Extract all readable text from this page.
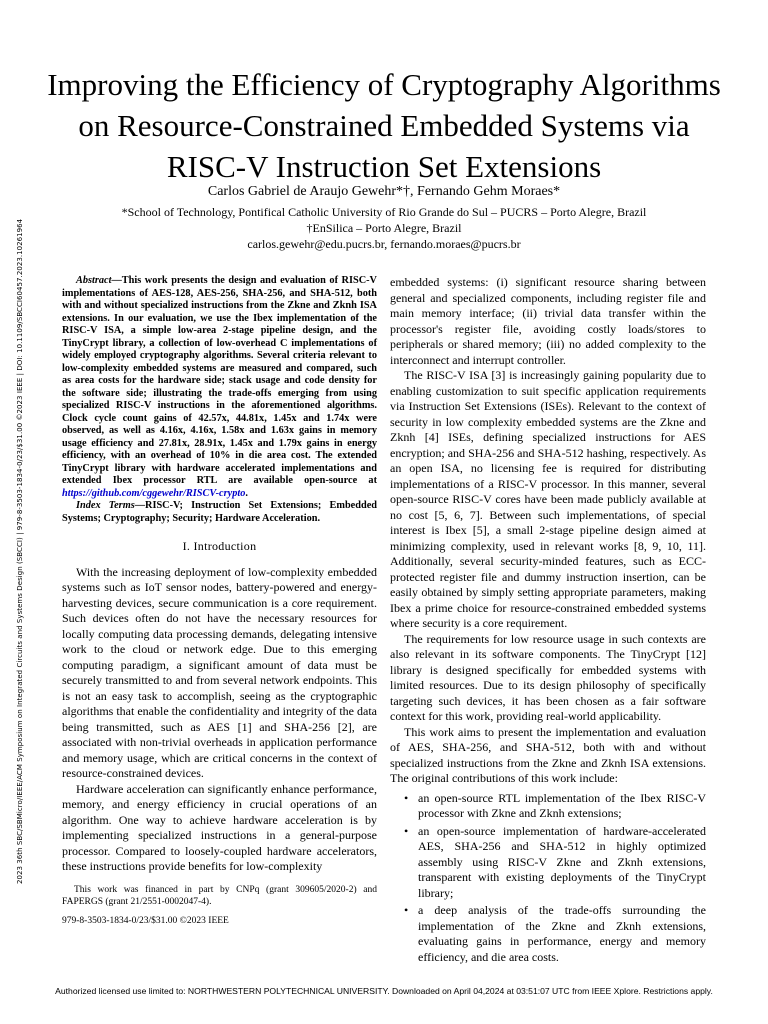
2023 36th SBC/SBMicro/IEEE/ACM Symposium on Integrated Circuits and Systems Design (SBCCI) | 979-8-3503-1834-0/23/$31.00 ©2023 IEEE | DOI: 10.1109/SBCCI60457.2023.10261964
Improving the Efficiency of Cryptography Algorithms on Resource-Constrained Embedded Systems via RISC-V Instruction Set Extensions
Carlos Gabriel de Araujo Gewehr*†, Fernando Gehm Moraes*
*School of Technology, Pontifical Catholic University of Rio Grande do Sul – PUCRS – Porto Alegre, Brazil
†EnSilica – Porto Alegre, Brazil
carlos.gewehr@edu.pucrs.br, fernando.moraes@pucrs.br

Abstract—This work presents the design and evaluation of RISC-V implementations of AES-128, AES-256, SHA-256, and SHA-512, both with and without specialized instructions from the Zkne and Zknh ISA extensions. In our evaluation, we use the Ibex implementation of the RISC-V ISA, a simple low-area 2-stage pipeline design, and the TinyCrypt library, a collection of low-overhead C implementations of widely employed cryptography algorithms. Several criteria relevant to low-complexity embedded systems are measured and compared, such as area costs for the hardware side; stack usage and code density for the software side; illustrating the trade-offs emerging from using specialized RISC-V instructions in the aforementioned algorithms. Clock cycle count gains of 42.57x, 44.81x, 1.45x and 1.74x were observed, as well as 4.16x, 4.16x, 1.58x and 1.63x gains in memory usage efficiency and 27.81x, 28.91x, 1.45x and 1.79x gains in energy efficiency, with an overhead of 10% in die area cost. The extended TinyCrypt library with hardware accelerated implementations and extended Ibex processor RTL are available open-source at https://github.com/cggewehr/RISCV-crypto.

Index Terms—RISC-V; Instruction Set Extensions; Embedded Systems; Cryptography; Security; Hardware Acceleration.

I. Introduction

With the increasing deployment of low-complexity embedded systems such as IoT sensor nodes, battery-powered and energy-harvesting devices, secure communication is a core requirement. Such devices often do not have the necessary resources for locally computing data processing demands, delegating intensive work to the cloud or network edge. Due to this emerging computing paradigm, a significant amount of data must be securely transmitted to and from several network endpoints. This is not an easy task to accomplish, seeing as the cryptographic algorithms that enable the confidentiality and integrity of the data being transmitted, such as AES [1] and SHA-256 [2], are associated with non-trivial overheads in application performance and memory usage, which are critical concerns in the context of resource-constrained devices.

Hardware acceleration can significantly enhance performance, memory, and energy efficiency in crucial operations of an algorithm. One way to achieve hardware acceleration is by implementing specialized instructions in a general-purpose processor. Compared to loosely-coupled hardware accelerators, these instructions provide benefits for low-complexity

embedded systems: (i) significant resource sharing between general and specialized components, including register file and main memory interface; (ii) trivial data transfer within the processor's register file, avoiding costly loads/stores to peripherals or shared memory; (iii) no added complexity to the interconnect and interrupt controller.

The RISC-V ISA [3] is increasingly gaining popularity due to enabling customization to suit specific application requirements via Instruction Set Extensions (ISEs). Relevant to the context of security in low complexity embedded systems are the Zkne and Zknh [4] ISEs, defining specialized instructions for AES encryption; and SHA-256 and SHA-512 hashing, respectively. As an open ISA, no licensing fee is required for distributing implementations of a RISC-V processor. In this manner, several open-source RISC-V cores have been made publicly available at no cost [5, 6, 7]. Between such implementations, of special interest is Ibex [5], a small 2-stage pipeline design aimed at minimizing complexity, used in relevant works [8, 9, 10, 11]. Additionally, several security-minded features, such as ECC-protected register file and dummy instruction insertion, can be easily obtained by simply setting appropriate parameters, making Ibex a prime choice for resource-constrained embedded systems where security is a core requirement.

The requirements for low resource usage in such contexts are also relevant in its software components. The TinyCrypt [12] library is designed specifically for embedded systems with limited resources. Due to its design philosophy of specifically targeting such devices, it has been chosen as a fair software context for this work, providing real-world applicability.

This work aims to present the implementation and evaluation of AES, SHA-256, and SHA-512, both with and without specialized instructions from the Zkne and Zknh ISA extensions. The original contributions of this work include:

• an open-source RTL implementation of the Ibex RISC-V processor with Zkne and Zknh extensions;
• an open-source implementation of hardware-accelerated AES, SHA-256 and SHA-512 in highly optimized assembly using RISC-V Zkne and Zknh extensions, transparent with existing deployments of the TinyCrypt library;
• a deep analysis of the trade-offs surrounding the implementation of the Zkne and Zknh extensions, evaluating gains in performance, energy and memory efficiency, and die area costs.

This work was financed in part by CNPq (grant 309605/2020-2) and FAPERGS (grant 21/2551-0002047-4).

979-8-3503-1834-0/23/$31.00 ©2023 IEEE
Authorized licensed use limited to: NORTHWESTERN POLYTECHNICAL UNIVERSITY. Downloaded on April 04,2024 at 03:51:07 UTC from IEEE Xplore. Restrictions apply.
